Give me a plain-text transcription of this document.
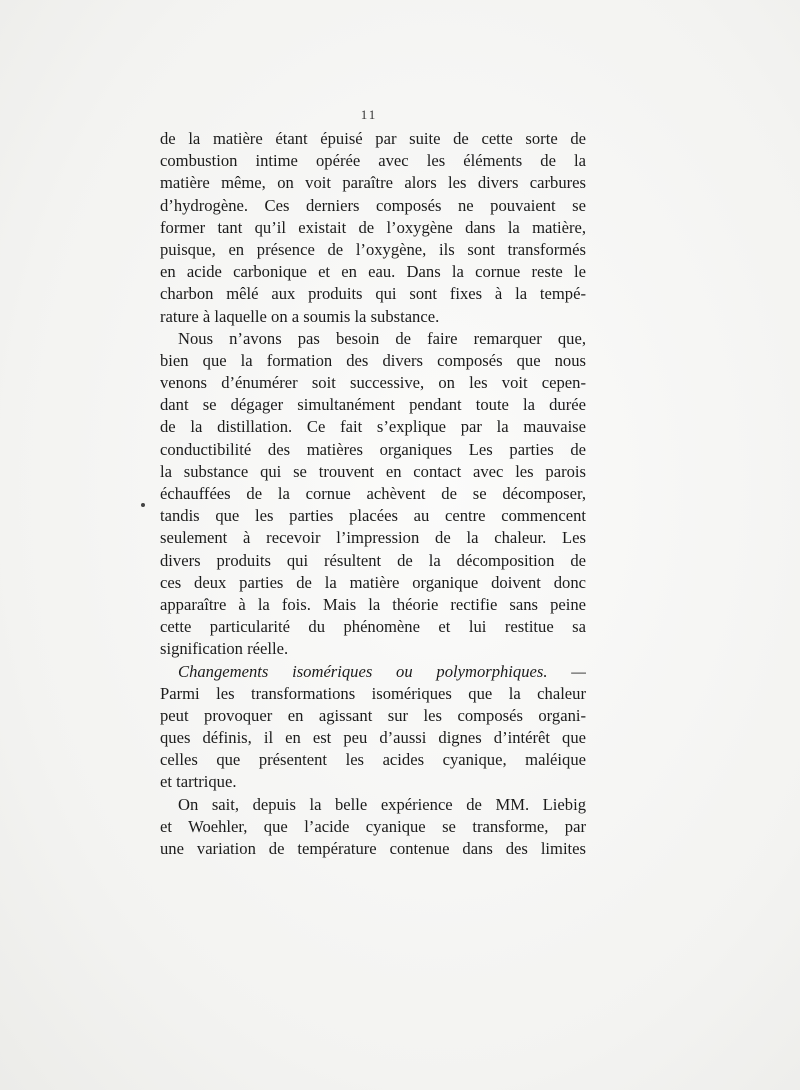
11
de la matière étant épuisé par suite de cette sorte de
combustion intime opérée avec les éléments de la
matière même, on voit paraître alors les divers carbures
d’hydrogène. Ces derniers composés ne pouvaient se
former tant qu’il existait de l’oxygène dans la matière,
puisque, en présence de l’oxygène, ils sont transformés
en acide carbonique et en eau. Dans la cornue reste le
charbon mêlé aux produits qui sont fixes à la tempé-
rature à laquelle on a soumis la substance.
Nous n’avons pas besoin de faire remarquer que,
bien que la formation des divers composés que nous
venons d’énumérer soit successive, on les voit cepen-
dant se dégager simultanément pendant toute la durée
de la distillation. Ce fait s’explique par la mauvaise
conductibilité des matières organiques Les parties de
la substance qui se trouvent en contact avec les parois
échauffées de la cornue achèvent de se décomposer,
tandis que les parties placées au centre commencent
seulement à recevoir l’impression de la chaleur. Les
divers produits qui résultent de la décomposition de
ces deux parties de la matière organique doivent donc
apparaître à la fois. Mais la théorie rectifie sans peine
cette particularité du phénomène et lui restitue sa
signification réelle.
Changements isomériques ou polymorphiques. —
Parmi les transformations isomériques que la chaleur
peut provoquer en agissant sur les composés organi-
ques définis, il en est peu d’aussi dignes d’intérêt que
celles que présentent les acides cyanique, maléique
et tartrique.
On sait, depuis la belle expérience de MM. Liebig
et Woehler, que l’acide cyanique se transforme, par
une variation de température contenue dans des limites
